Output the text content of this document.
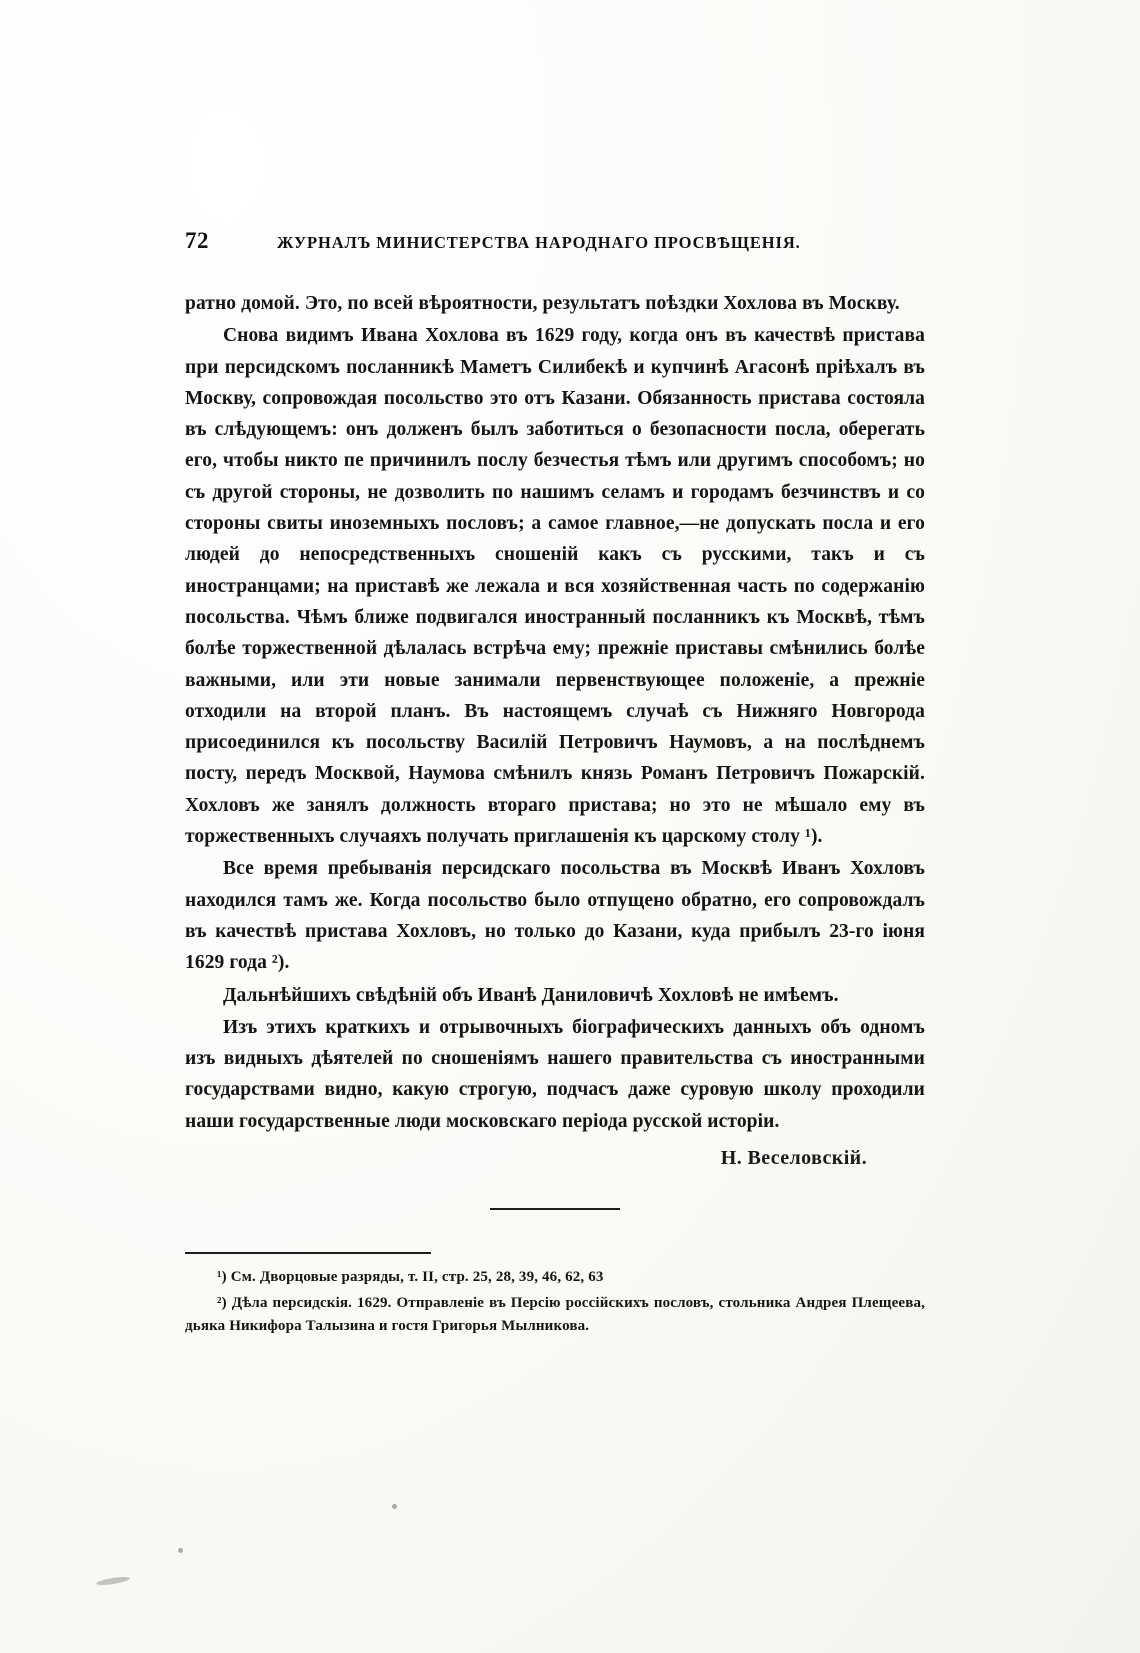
72	ЖУРНАЛЪ МИНИСТЕРСТВА НАРОДНАГО ПРОСВѢЩЕНІЯ.

ратно домой. Это, по всей вѣроятности, результатъ поѣздки Хохлова въ Москву.

Снова видимъ Ивана Хохлова въ 1629 году, когда онъ въ качествѣ пристава при персидскомъ посланникѣ Маметъ Силибекѣ и купчинѣ Агасонѣ пріѣхалъ въ Москву, сопровождая посольство это отъ Казани. Обязанность пристава состояла въ слѣдующемъ: онъ долженъ былъ заботиться о безопасности посла, оберегать его, чтобы никто пе причинилъ послу безчестья тѣмъ или другимъ способомъ; но съ другой стороны, не дозволить по нашимъ селамъ и городамъ безчинствъ и со стороны свиты иноземныхъ пословъ; а самое главное,—не допускать посла и его людей до непосредственныхъ сношеній какъ съ русскими, такъ и съ иностранцами; на приставѣ же лежала и вся хозяйственная часть по содержанію посольства. Чѣмъ ближе подвигался иностранный посланникъ къ Москвѣ, тѣмъ болѣе торжественной дѣлалась встрѣча ему; прежніе приставы смѣнились болѣе важными, или эти новые занимали первенствующее положеніе, а прежніе отходили на второй планъ. Въ настоящемъ случаѣ съ Нижняго Новгорода присоединился къ посольству Василій Петровичъ Наумовъ, а на послѣднемъ посту, передъ Москвой, Наумова смѣнилъ князь Романъ Петровичъ Пожарскій. Хохловъ же занялъ должность втораго пристава; но это не мѣшало ему въ торжественныхъ случаяхъ получать приглашенія къ царскому столу ¹).

Все время пребыванія персидскаго посольства въ Москвѣ Иванъ Хохловъ находился тамъ же. Когда посольство было отпущено обратно, его сопровождалъ въ качествѣ пристава Хохловъ, но только до Казани, куда прибылъ 23-го іюня 1629 года ²).

Дальнѣйшихъ свѣдѣній объ Иванѣ Даниловичѣ Хохловѣ не имѣемъ.

Изъ этихъ краткихъ и отрывочныхъ біографическихъ данныхъ объ одномъ изъ видныхъ дѣятелей по сношеніямъ нашего правительства съ иностранными государствами видно, какую строгую, подчасъ даже суровую школу проходили наши государственные люди московскаго періода русской исторіи.

Н. Веселовскій.

¹) См. Дворцовые разряды, т. II, стр. 25, 28, 39, 46, 62, 63

²) Дѣла персидскія. 1629. Отправленіе въ Персію россійскихъ пословъ, стольника Андрея Плещеева, дьяка Никифора Талызина и гостя Григорья Мылникова.
